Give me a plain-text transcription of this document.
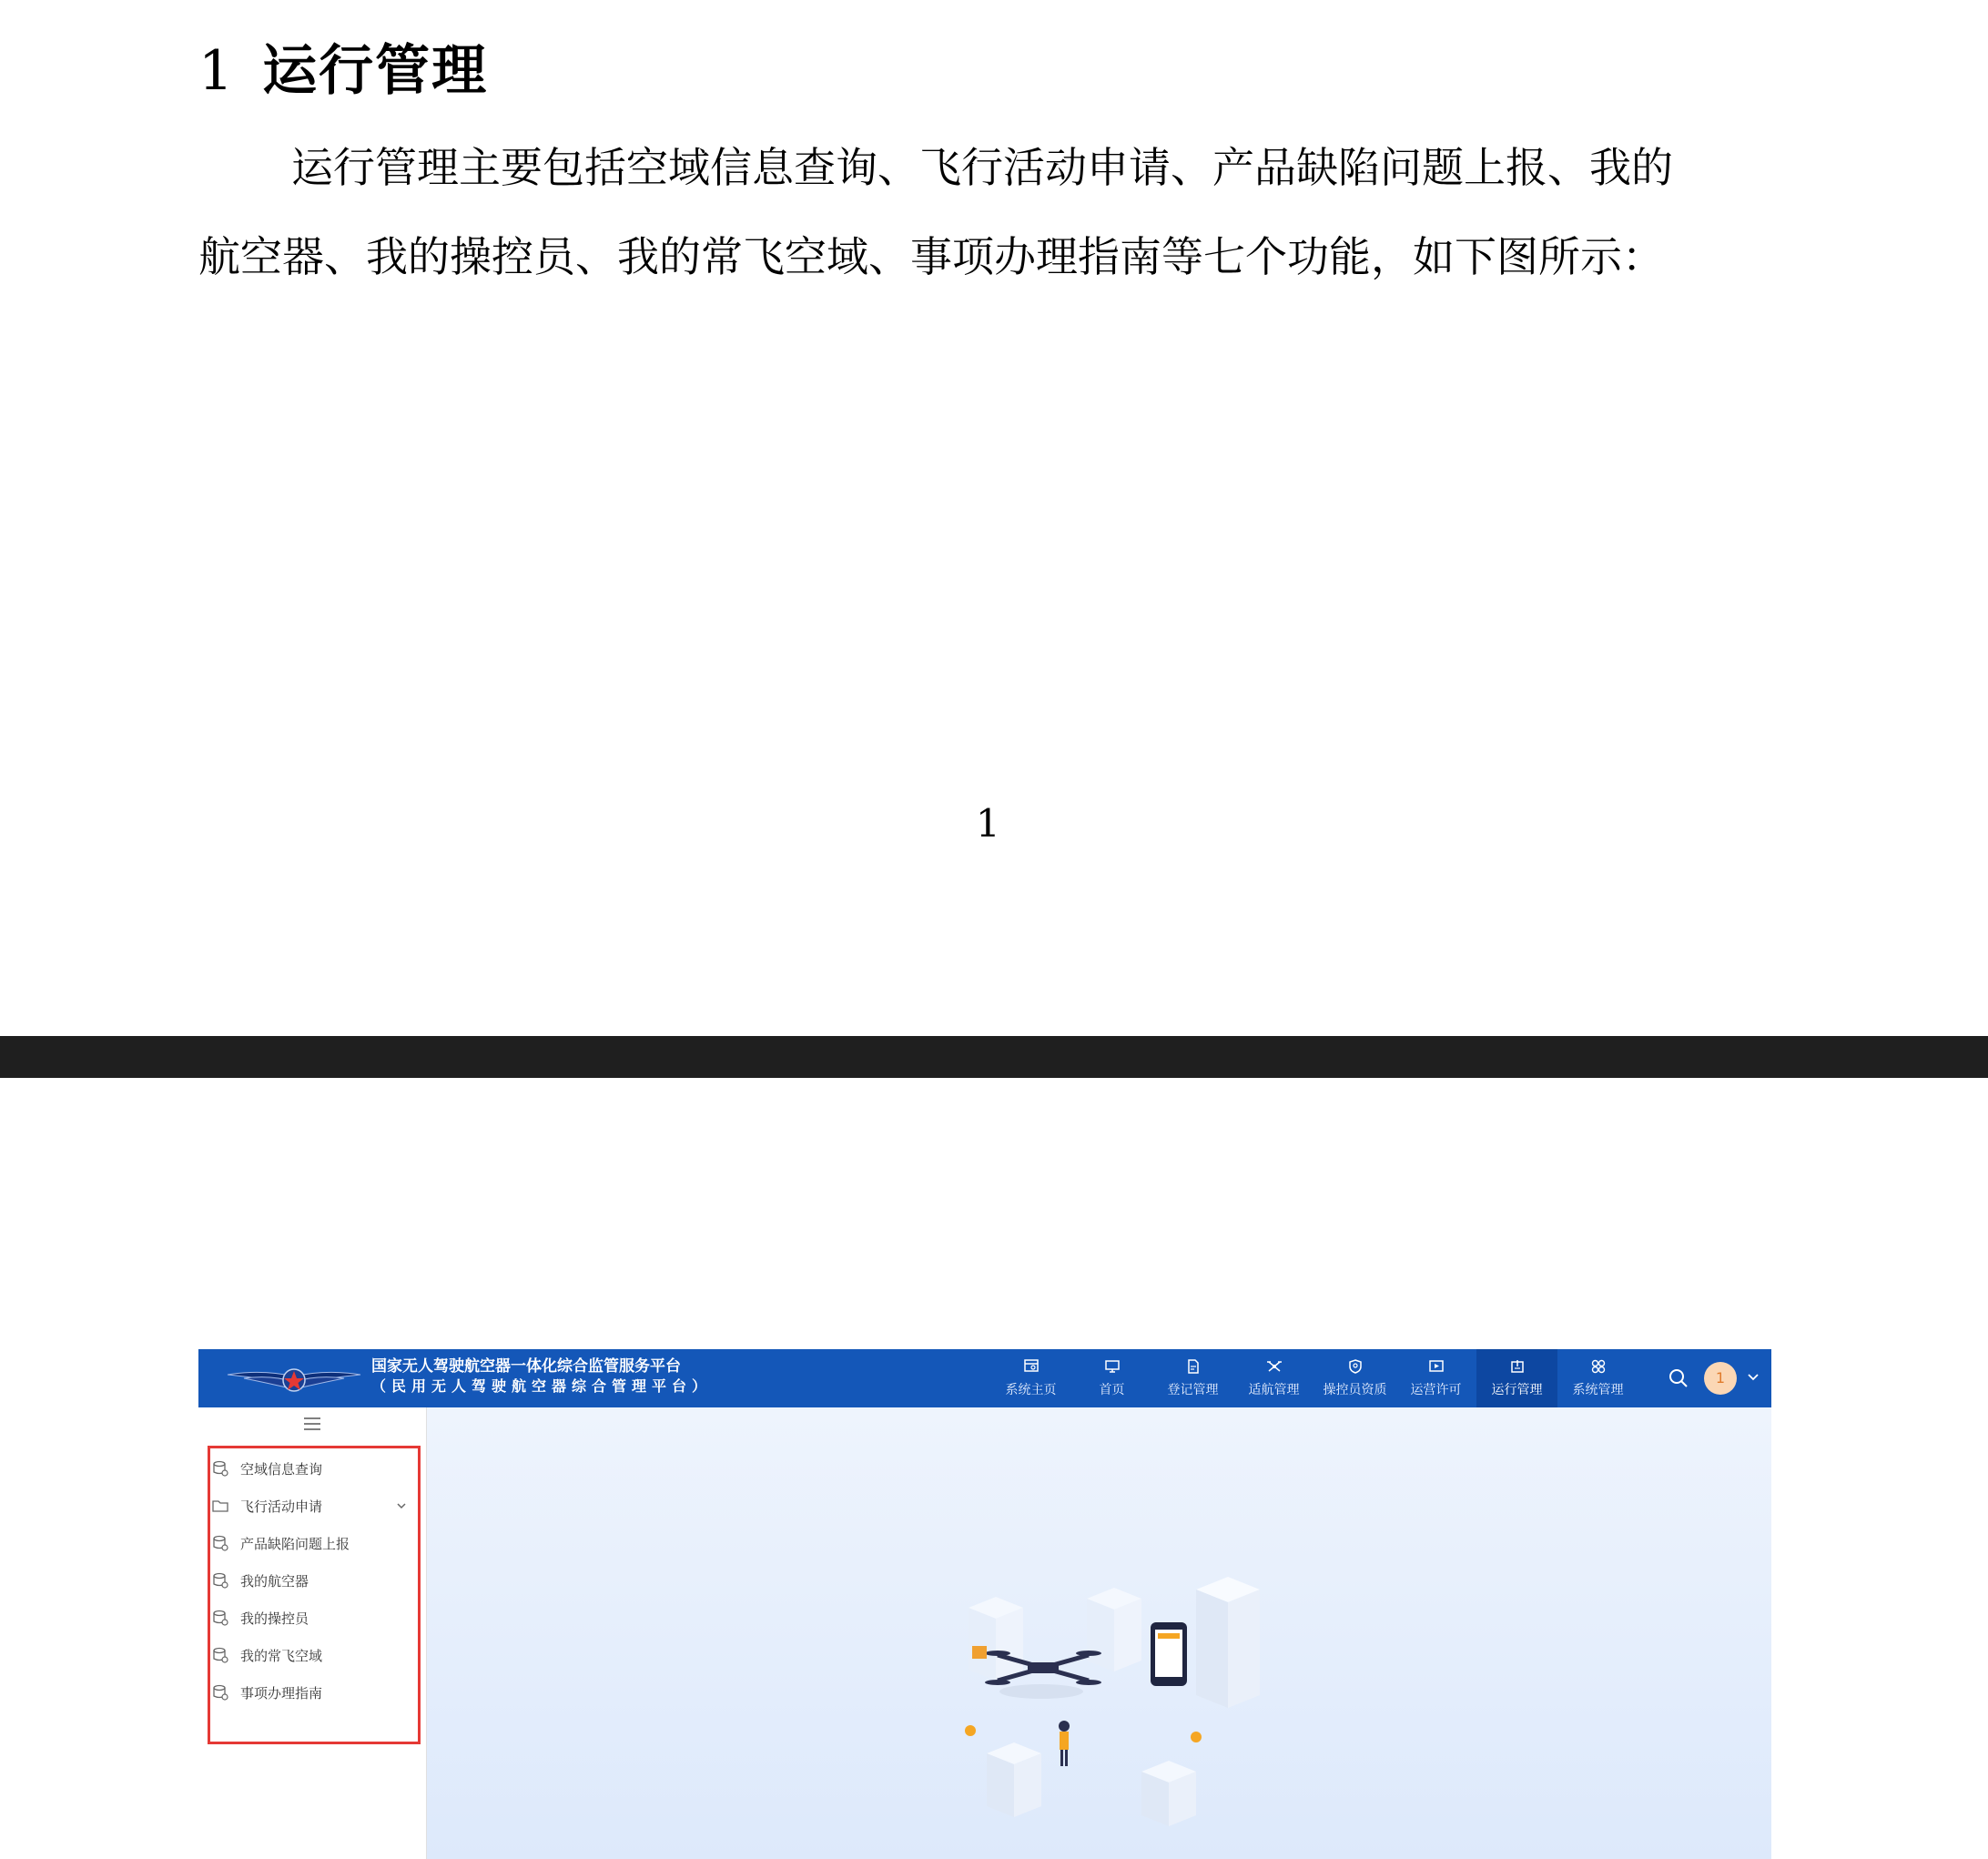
1 运行管理
运行管理主要包括空域信息查询、飞行活动申请、产品缺陷问题上报、我的
航空器、我的操控员、我的常飞空域、事项办理指南等七个功能，如下图所示：
1
国家无人驾驶航空器一体化综合监管服务平台
（民用无人驾驶航空器综合管理平台）	系统主页	首页	登记管理 适航管理 操控员资质 运营许可 运行管理 系统管理
1
空域信息查询
飞行活动申请
产品缺陷问题上报
我的航空器
我的操控员
我的常飞空域
事项办理指南
